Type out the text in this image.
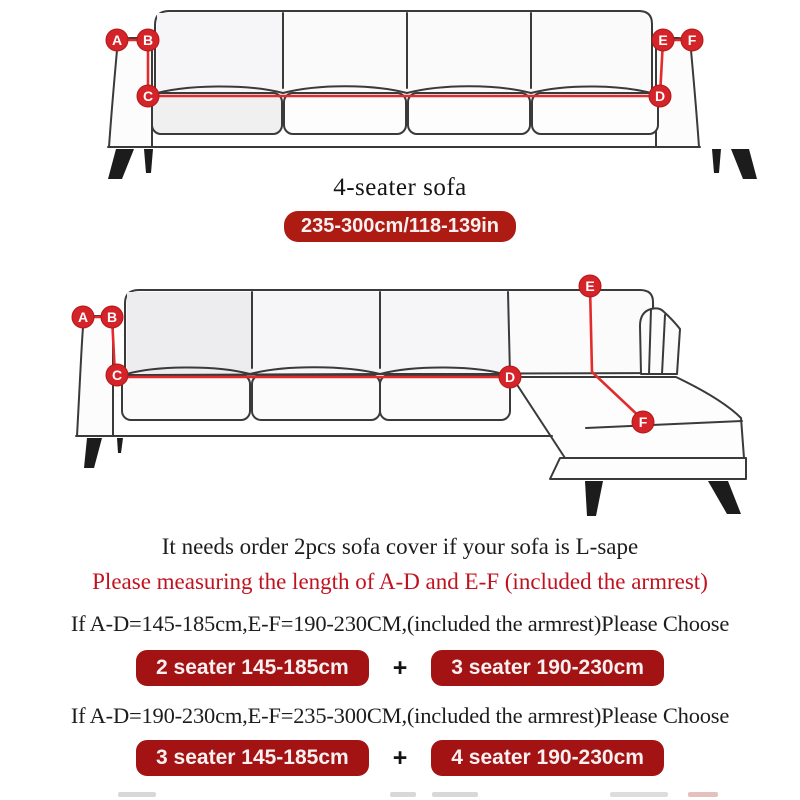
A B
C	D
E F
4-seater sofa
235-300cm/118-139in
A B
C	D
E
F
It needs order 2pcs sofa cover if your sofa is L-sape
Please measuring the length of A-D and E-F (included the armrest)
If A-D=145-185cm,E-F=190-230CM,(included the armrest)Please Choose
2 seater 145-185cm	+	3 seater 190-230cm
If A-D=190-230cm,E-F=235-300CM,(included the armrest)Please Choose
3 seater 145-185cm	+	4 seater 190-230cm
